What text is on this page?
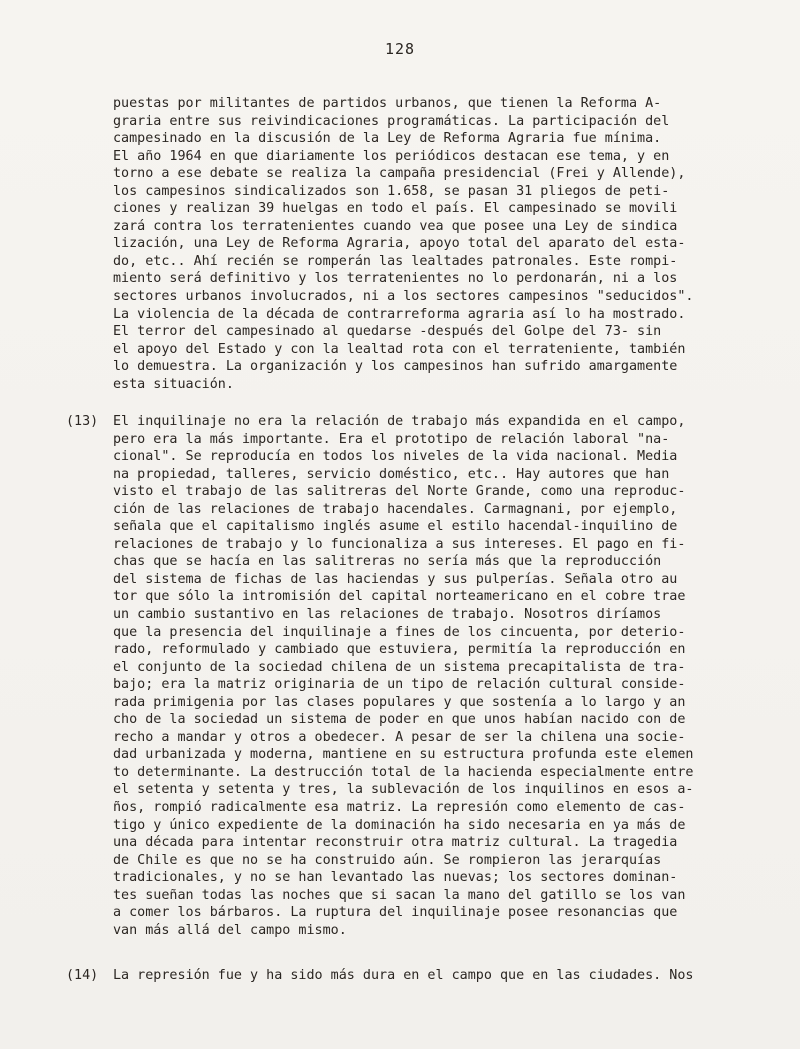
128
puestas por militantes de partidos urbanos, que tienen la Reforma A-
graria entre sus reivindicaciones programáticas. La participación del
campesinado en la discusión de la Ley de Reforma Agraria fue mínima.
El año 1964 en que diariamente los periódicos destacan ese tema, y en
torno a ese debate se realiza la campaña presidencial (Frei y Allende),
los campesinos sindicalizados son 1.658, se pasan 31 pliegos de peti-
ciones y realizan 39 huelgas en todo el país. El campesinado se movili
zará contra los terratenientes cuando vea que posee una Ley de sindica
lización, una Ley de Reforma Agraria, apoyo total del aparato del esta-
do, etc.. Ahí recién se romperán las lealtades patronales. Este rompi-
miento será definitivo y los terratenientes no lo perdonarán, ni a los
sectores urbanos involucrados, ni a los sectores campesinos "seducidos".
La violencia de la década de contrarreforma agraria así lo ha mostrado.
El terror del campesinado al quedarse -después del Golpe del 73- sin
el apoyo del Estado y con la lealtad rota con el terrateniente, también
lo demuestra. La organización y los campesinos han sufrido amargamente
esta situación.
(13)	El inquilinaje no era la relación de trabajo más expandida en el campo,
pero era la más importante. Era el prototipo de relación laboral "na-
cional". Se reproducía en todos los niveles de la vida nacional. Media
na propiedad, talleres, servicio doméstico, etc.. Hay autores que han
visto el trabajo de las salitreras del Norte Grande, como una reproduc-
ción de las relaciones de trabajo hacendales. Carmagnani, por ejemplo,
señala que el capitalismo inglés asume el estilo hacendal-inquilino de
relaciones de trabajo y lo funcionaliza a sus intereses. El pago en fi-
chas que se hacía en las salitreras no sería más que la reproducción
del sistema de fichas de las haciendas y sus pulperías. Señala otro au
tor que sólo la intromisión del capital norteamericano en el cobre trae
un cambio sustantivo en las relaciones de trabajo. Nosotros diríamos
que la presencia del inquilinaje a fines de los cincuenta, por deterio-
rado, reformulado y cambiado que estuviera, permitía la reproducción en
el conjunto de la sociedad chilena de un sistema precapitalista de tra-
bajo; era la matriz originaria de un tipo de relación cultural conside-
rada primigenia por las clases populares y que sostenía a lo largo y an
cho de la sociedad un sistema de poder en que unos habían nacido con de
recho a mandar y otros a obedecer. A pesar de ser la chilena una socie-
dad urbanizada y moderna, mantiene en su estructura profunda este elemen
to determinante. La destrucción total de la hacienda especialmente entre
el setenta y setenta y tres, la sublevación de los inquilinos en esos a-
ños, rompió radicalmente esa matriz. La represión como elemento de cas-
tigo y único expediente de la dominación ha sido necesaria en ya más de
una década para intentar reconstruir otra matriz cultural. La tragedia
de Chile es que no se ha construido aún. Se rompieron las jerarquías
tradicionales, y no se han levantado las nuevas; los sectores dominan-
tes sueñan todas las noches que si sacan la mano del gatillo se los van
a comer los bárbaros. La ruptura del inquilinaje posee resonancias que
van más allá del campo mismo.
(14)	La represión fue y ha sido más dura en el campo que en las ciudades. Nos
